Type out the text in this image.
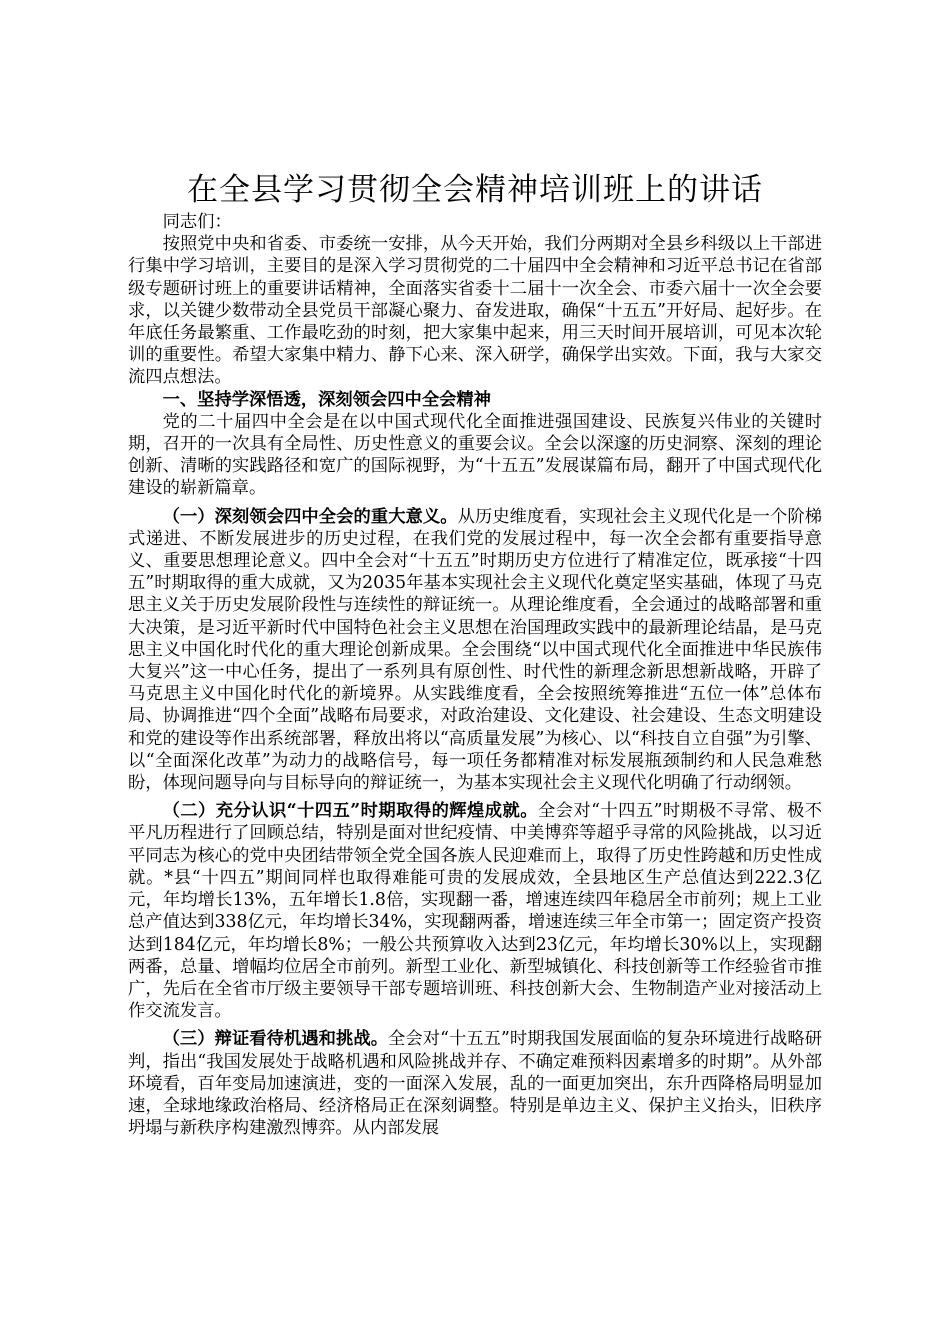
在全县学习贯彻全会精神培训班上的讲话

同志们：

按照党中央和省委、市委统一安排，从今天开始，我们分两期对全县乡科级以上干部进行集中学习培训，主要目的是深入学习贯彻党的二十届四中全会精神和习近平总书记在省部级专题研讨班上的重要讲话精神，全面落实省委十二届十一次全会、市委六届十一次全会要求，以关键少数带动全县党员干部凝心聚力、奋发进取，确保“十五五”开好局、起好步。在年底任务最繁重、工作最吃劲的时刻，把大家集中起来，用三天时间开展培训，可见本次轮训的重要性。希望大家集中精力、静下心来、深入研学，确保学出实效。下面，我与大家交流四点想法。

一、坚持学深悟透，深刻领会四中全会精神

党的二十届四中全会是在以中国式现代化全面推进强国建设、民族复兴伟业的关键时期，召开的一次具有全局性、历史性意义的重要会议。全会以深邃的历史洞察、深刻的理论创新、清晰的实践路径和宽广的国际视野，为“十五五”发展谋篇布局，翻开了中国式现代化建设的崭新篇章。

（一）深刻领会四中全会的重大意义。从历史维度看，实现社会主义现代化是一个阶梯式递进、不断发展进步的历史过程，在我们党的发展过程中，每一次全会都有重要指导意义、重要思想理论意义。四中全会对“十五五”时期历史方位进行了精准定位，既承接“十四五”时期取得的重大成就，又为2035年基本实现社会主义现代化奠定坚实基础，体现了马克思主义关于历史发展阶段性与连续性的辩证统一。从理论维度看，全会通过的战略部署和重大决策，是习近平新时代中国特色社会主义思想在治国理政实践中的最新理论结晶，是马克思主义中国化时代化的重大理论创新成果。全会围绕“以中国式现代化全面推进中华民族伟大复兴”这一中心任务，提出了一系列具有原创性、时代性的新理念新思想新战略，开辟了马克思主义中国化时代化的新境界。从实践维度看，全会按照统筹推进“五位一体”总体布局、协调推进“四个全面”战略布局要求，对政治建设、文化建设、社会建设、生态文明建设和党的建设等作出系统部署，释放出将以“高质量发展”为核心、以“科技自立自强”为引擎、以“全面深化改革”为动力的战略信号，每一项任务都精准对标发展瓶颈制约和人民急难愁盼，体现问题导向与目标导向的辩证统一，为基本实现社会主义现代化明确了行动纲领。

（二）充分认识“十四五”时期取得的辉煌成就。全会对“十四五”时期极不寻常、极不平凡历程进行了回顾总结，特别是面对世纪疫情、中美博弈等超乎寻常的风险挑战，以习近平同志为核心的党中央团结带领全党全国各族人民迎难而上，取得了历史性跨越和历史性成就。*县“十四五”期间同样也取得难能可贵的发展成效，全县地区生产总值达到222.3亿元，年均增长13%，五年增长1.8倍，实现翻一番，增速连续四年稳居全市前列；规上工业总产值达到338亿元，年均增长34%，实现翻两番，增速连续三年全市第一；固定资产投资达到184亿元，年均增长8%；一般公共预算收入达到23亿元，年均增长30%以上，实现翻两番，总量、增幅均位居全市前列。新型工业化、新型城镇化、科技创新等工作经验省市推广，先后在全省市厅级主要领导干部专题培训班、科技创新大会、生物制造产业对接活动上作交流发言。

（三）辩证看待机遇和挑战。全会对“十五五”时期我国发展面临的复杂环境进行战略研判，指出“我国发展处于战略机遇和风险挑战并存、不确定难预料因素增多的时期”。从外部环境看，百年变局加速演进，变的一面深入发展，乱的一面更加突出，东升西降格局明显加速，全球地缘政治格局、经济格局正在深刻调整。特别是单边主义、保护主义抬头，旧秩序坍塌与新秩序构建激烈博弈。从内部发展
